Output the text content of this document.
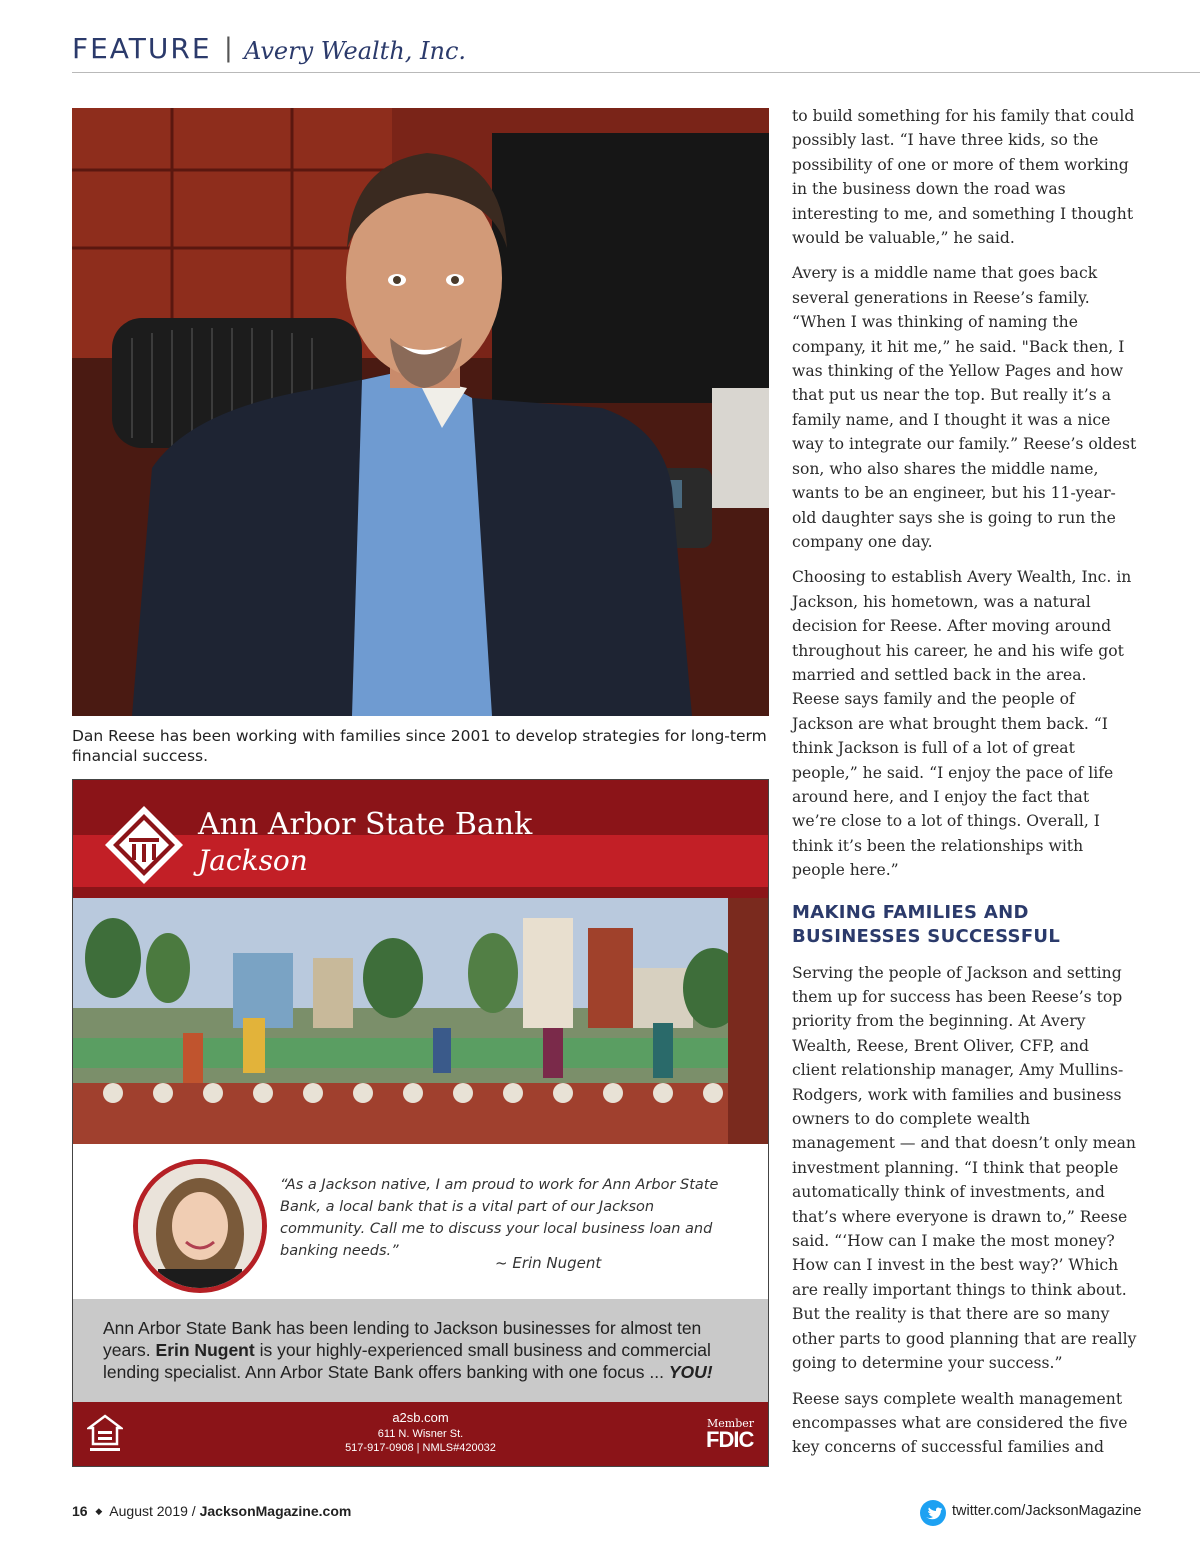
FEATURE | Avery Wealth, Inc.
Dan Reese has been working with families since 2001 to develop strategies for long-term financial success.
Ann Arbor State Bank
Jackson
“As a Jackson native, I am proud to work for Ann Arbor State Bank, a local bank that is a vital part of our Jackson community. Call me to discuss your local business loan and banking needs.”
~ Erin Nugent
Ann Arbor State Bank has been lending to Jackson businesses for almost ten years. Erin Nugent is your highly-experienced small business and commercial lending specialist. Ann Arbor State Bank offers banking with one focus ... YOU!
a2sb.com
611 N. Wisner St.
517-917-0908 | NMLS#420032
Member
FDIC

to build something for his family that could possibly last. “I have three kids, so the possibility of one or more of them working in the business down the road was interesting to me, and something I thought would be valuable,” he said.

Avery is a middle name that goes back several generations in Reese’s family. “When I was thinking of naming the company, it hit me,” he said. "Back then, I was thinking of the Yellow Pages and how that put us near the top. But really it’s a family name, and I thought it was a nice way to integrate our family.” Reese’s oldest son, who also shares the middle name, wants to be an engineer, but his 11-year-old daughter says she is going to run the company one day.

Choosing to establish Avery Wealth, Inc. in Jackson, his hometown, was a natural decision for Reese. After moving around throughout his career, he and his wife got married and settled back in the area. Reese says family and the people of Jackson are what brought them back. “I think Jackson is full of a lot of great people,” he said. “I enjoy the pace of life around here, and I enjoy the fact that we’re close to a lot of things. Overall, I think it’s been the relationships with people here.”

MAKING FAMILIES AND BUSINESSES SUCCESSFUL

Serving the people of Jackson and setting them up for success has been Reese’s top priority from the beginning. At Avery Wealth, Reese, Brent Oliver, CFP, and client relationship manager, Amy Mullins-Rodgers, work with families and business owners to do complete wealth management — and that doesn’t only mean investment planning. “I think that people automatically think of investments, and that’s where everyone is drawn to,” Reese said. “‘How can I make the most money? How can I invest in the best way?’ Which are really important things to think about. But the reality is that there are so many other parts to good planning that are really going to determine your success.”

Reese says complete wealth management encompasses what are considered the five key concerns of successful families and

16 ◆ August 2019 / JacksonMagazine.com	twitter.com/JacksonMagazine
